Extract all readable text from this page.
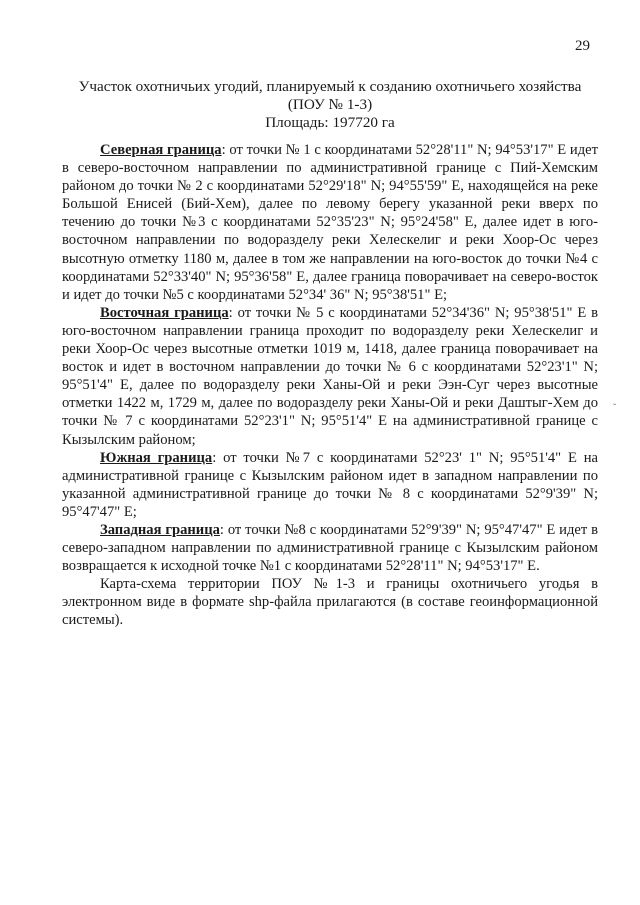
29
Участок охотничьих угодий, планируемый к созданию охотничьего хозяйства
(ПОУ № 1-3)
Площадь: 197720 га

Северная граница: от точки № 1 с координатами 52°28'11" N; 94°53'17" E идет в северо-восточном направлении по административной границе с Пий-Хемским районом до точки № 2 с координатами 52°29'18" N; 94°55'59" E, находящейся на реке Большой Енисей (Бий-Хем), далее по левому берегу указанной реки вверх по течению до точки №3 с координатами 52°35'23" N; 95°24'58" E, далее идет в юго-восточном направлении по водоразделу реки Хелескелиг и реки Хоор-Ос через высотную отметку 1180 м, далее в том же направлении на юго-восток до точки №4 с координатами 52°33'40" N; 95°36'58" E, далее граница поворачивает на северо-восток и идет до точки №5 с координатами 52°34' 36" N; 95°38'51" E;

Восточная граница: от точки № 5 с координатами 52°34'36" N; 95°38'51" E в юго-восточном направлении граница проходит по водоразделу реки Хелескелиг и реки Хоор-Ос через высотные отметки 1019 м, 1418, далее граница поворачивает на восток и идет в восточном направлении до точки № 6 с координатами 52°23'1" N; 95°51'4" E, далее по водоразделу реки Ханы-Ой и реки Ээн-Суг через высотные отметки 1422 м, 1729 м, далее по водоразделу реки Ханы-Ой и реки Даштыг-Хем до точки № 7 с координатами 52°23'1" N; 95°51'4" E на административной границе с Кызылским районом;

Южная граница: от точки №7 с координатами 52°23' 1" N; 95°51'4" E на административной границе с Кызылским районом идет в западном направлении по указанной административной границе до точки № 8 с координатами 52°9'39" N; 95°47'47" E;

Западная граница: от точки №8 с координатами 52°9'39" N; 95°47'47" E идет в северо-западном направлении по административной границе с Кызылским районом возвращается к исходной точке №1 с координатами 52°28'11" N; 94°53'17" E.

Карта-схема территории ПОУ №1-3 и границы охотничьего угодья в электронном виде в формате shp-файла прилагаются (в составе геоинформационной системы).

ˇ
